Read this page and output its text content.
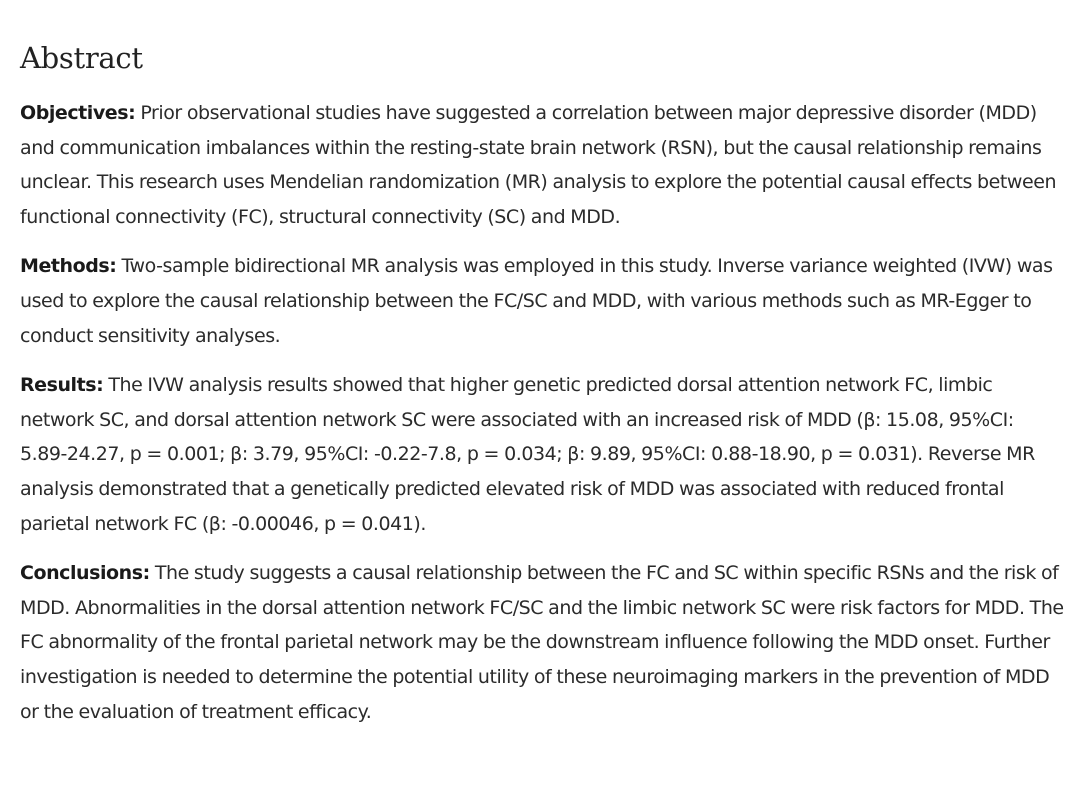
Abstract

Objectives: Prior observational studies have suggested a correlation between major depressive disorder (MDD) and communication imbalances within the resting-state brain network (RSN), but the causal relationship remains unclear. This research uses Mendelian randomization (MR) analysis to explore the potential causal effects between functional connectivity (FC), structural connectivity (SC) and MDD.

Methods: Two-sample bidirectional MR analysis was employed in this study. Inverse variance weighted (IVW) was used to explore the causal relationship between the FC/SC and MDD, with various methods such as MR-Egger to conduct sensitivity analyses.

Results: The IVW analysis results showed that higher genetic predicted dorsal attention network FC, limbic network SC, and dorsal attention network SC were associated with an increased risk of MDD (β: 15.08, 95%CI: 5.89-24.27, p = 0.001; β: 3.79, 95%CI: -0.22-7.8, p = 0.034; β: 9.89, 95%CI: 0.88-18.90, p = 0.031). Reverse MR analysis demonstrated that a genetically predicted elevated risk of MDD was associated with reduced frontal parietal network FC (β: -0.00046, p = 0.041).

Conclusions: The study suggests a causal relationship between the FC and SC within specific RSNs and the risk of MDD. Abnormalities in the dorsal attention network FC/SC and the limbic network SC were risk factors for MDD. The FC abnormality of the frontal parietal network may be the downstream influence following the MDD onset. Further investigation is needed to determine the potential utility of these neuroimaging markers in the prevention of MDD or the evaluation of treatment efficacy.
